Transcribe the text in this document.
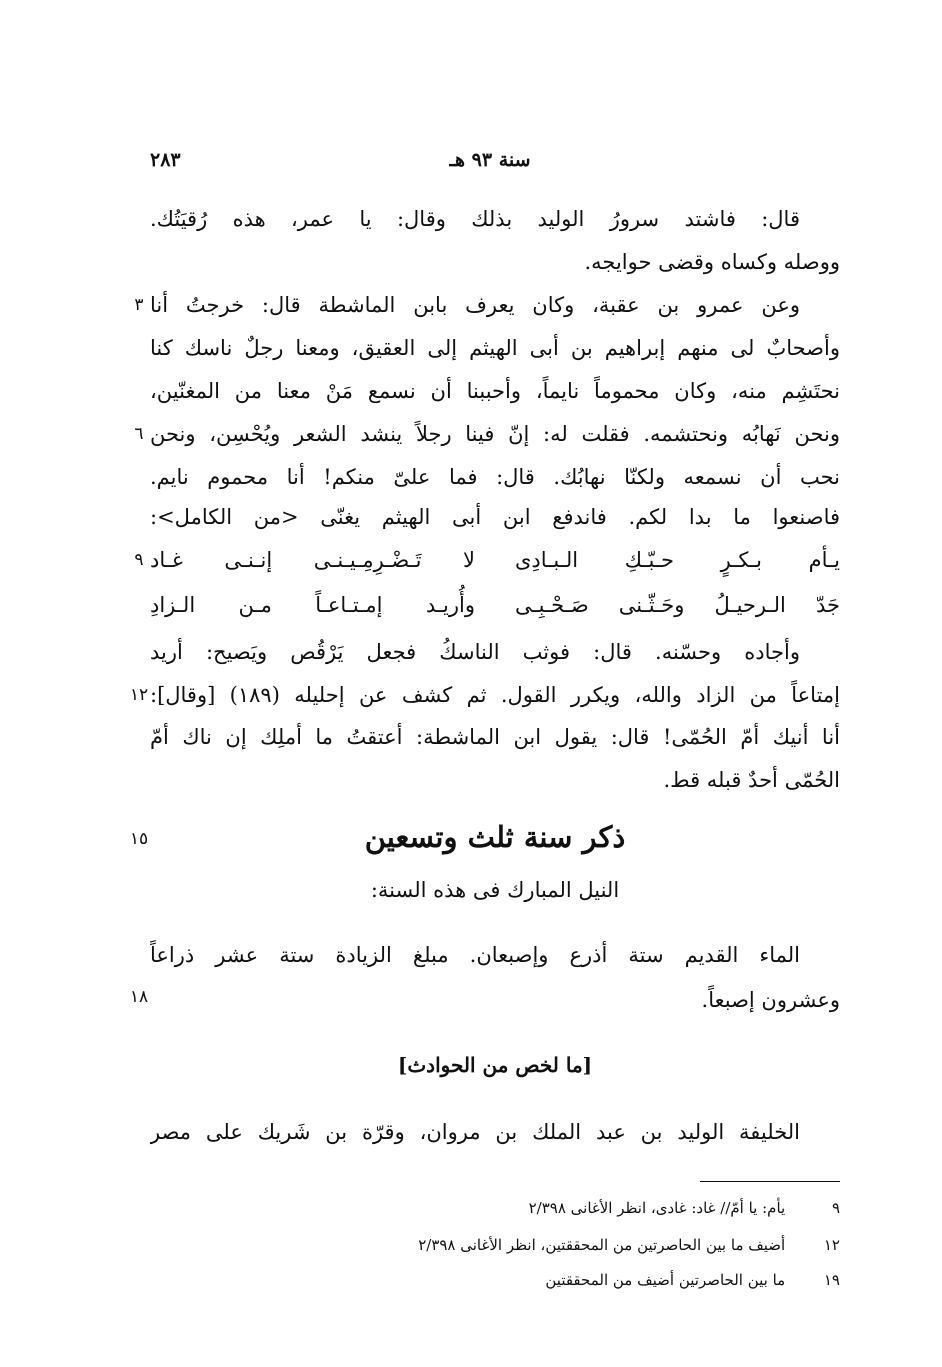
٢٨٣	سنة ٩٣ هـ
قال: فاشتد سرورُ الوليد بذلك وقال: يا عمر، هذه رُقيَتُك.
ووصله وكساه وقضى حوايجه.
وعن عمرو بن عقبة، وكان يعرف بابن الماشطة قال: خرجتُ أنا
وأصحابٌ لى منهم إبراهيم بن أبى الهيثم إلى العقيق، ومعنا رجلٌ ناسك كنا
نحتَشِم منه، وكان محموماً نايماً، وأحببنا أن نسمع مَنْ معنا من المغنّين،
ونحن نَهابُه ونحتشمه. فقلت له: إنّ فينا رجلاً ينشد الشعر ويُحْسِن، ونحن
نحب أن نسمعه ولكنّا نهابُك. قال: فما علىّ منكم! أنا محموم نايم.
فاصنعوا ما بدا لكم. فاندفع ابن أبى الهيثم يغنّى <من الكامل>:
يـأم بـكـرٍ حـبّـكِ الـبـادِى
لا تَـضْـرِمِـيـنـى إنـنـى غـاد
جَدّ الـرحيـلُ وحَـثّـنى صَـحْـبِـى
وأُريـد إمـتـاعـاً مـن الـزادِ
وأجاده وحسّنه. قال: فوثب الناسكُ فجعل يَرْقُص ويَصيح: أريد
إمتاعاً من الزاد والله، ويكرر القول. ثم كشف عن إحليله (١٨٩) [وقال]:
أنا أنيك أمّ الحُمّى! قال: يقول ابن الماشطة: أعتقتُ ما أملِك إن ناك أمّ
الحُمّى أحدٌ قبله قط.
ذكر سنة ثلث وتسعين
النيل المبارك فى هذه السنة:
الماء القديم ستة أذرع وإصبعان. مبلغ الزيادة ستة عشر ذراعاً
وعشرون إصبعاً.
[ما لخص من الحوادث]
الخليفة الوليد بن عبد الملك بن مروان، وقرّة بن شَريك على مصر
٣
٦
٩
١٢
١٥
١٨
٩ يأم: يا أمّ// غاد: غادى، انظر الأغانى ٢/٣٩٨
١٢ أضيف ما بين الحاصرتين من المحققتين، انظر الأغانى ٢/٣٩٨
١٩ ما بين الحاصرتين أضيف من المحققتين
